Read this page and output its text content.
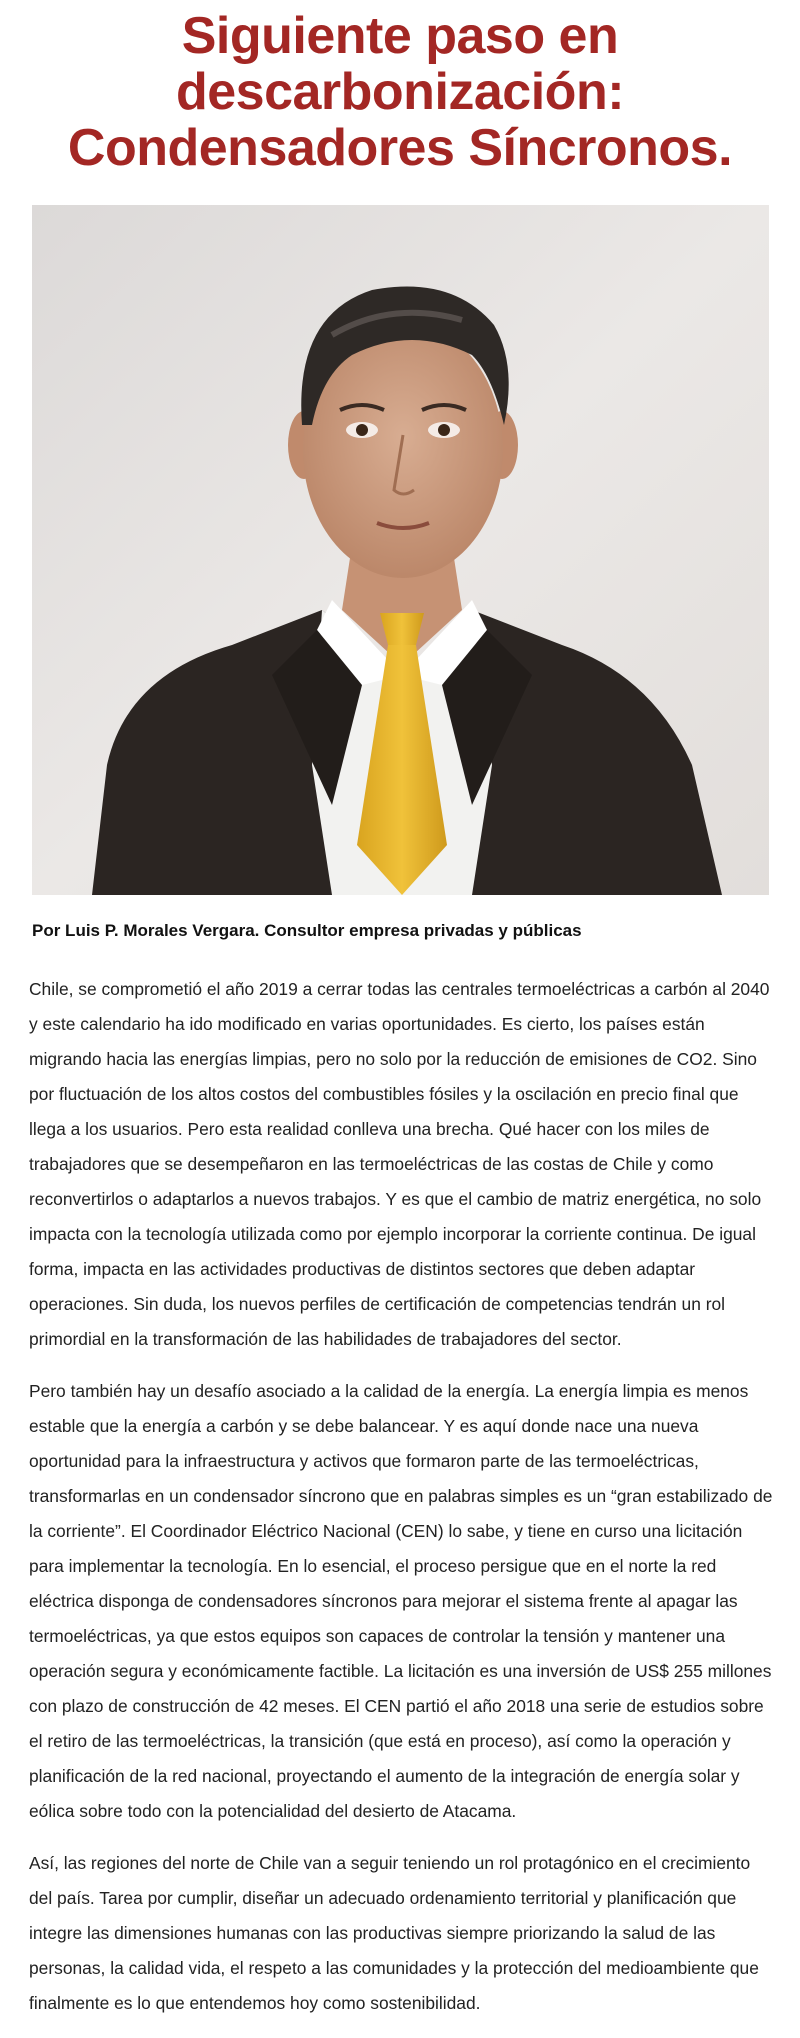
Siguiente paso en
descarbonización:
Condensadores Síncronos.

Por Luis P. Morales Vergara. Consultor empresa privadas y públicas

Chile, se comprometió el año 2019 a cerrar todas las centrales termoeléctricas a carbón al 2040 y este calendario ha ido modificado en varias oportunidades. Es cierto, los países están migrando hacia las energías limpias, pero no solo por la reducción de emisiones de CO2. Sino por fluctuación de los altos costos del combustibles fósiles y la oscilación en precio final que llega a los usuarios. Pero esta realidad conlleva una brecha. Qué hacer con los miles de trabajadores que se desempeñaron en las termoeléctricas de las costas de Chile y como reconvertirlos o adaptarlos a nuevos trabajos. Y es que el cambio de matriz energética, no solo impacta con la tecnología utilizada como por ejemplo incorporar la corriente continua. De igual forma, impacta en las actividades productivas de distintos sectores que deben adaptar operaciones. Sin duda, los nuevos perfiles de certificación de competencias tendrán un rol primordial en la transformación de las habilidades de trabajadores del sector.

Pero también hay un desafío asociado a la calidad de la energía. La energía limpia es menos estable que la energía a carbón y se debe balancear. Y es aquí donde nace una nueva oportunidad para la infraestructura y activos que formaron parte de las termoeléctricas, transformarlas en un condensador síncrono que en palabras simples es un “gran estabilizado de la corriente”. El Coordinador Eléctrico Nacional (CEN) lo sabe, y tiene en curso una licitación para implementar la tecnología. En lo esencial, el proceso persigue que en el norte la red eléctrica disponga de condensadores síncronos para mejorar el sistema frente al apagar las termoeléctricas, ya que estos equipos son capaces de controlar la tensión y mantener una operación segura y económicamente factible. La licitación es una inversión de US$ 255 millones con plazo de construcción de 42 meses. El CEN partió el año 2018 una serie de estudios sobre el retiro de las termoeléctricas, la transición (que está en proceso), así como la operación y planificación de la red nacional, proyectando el aumento de la integración de energía solar y eólica sobre todo con la potencialidad del desierto de Atacama.

Así, las regiones del norte de Chile van a seguir teniendo un rol protagónico en el crecimiento del país. Tarea por cumplir, diseñar un adecuado ordenamiento territorial y planificación que integre las dimensiones humanas con las productivas siempre priorizando la salud de las personas, la calidad vida, el respeto a las comunidades y la protección del medioambiente que finalmente es lo que entendemos hoy como sostenibilidad.
